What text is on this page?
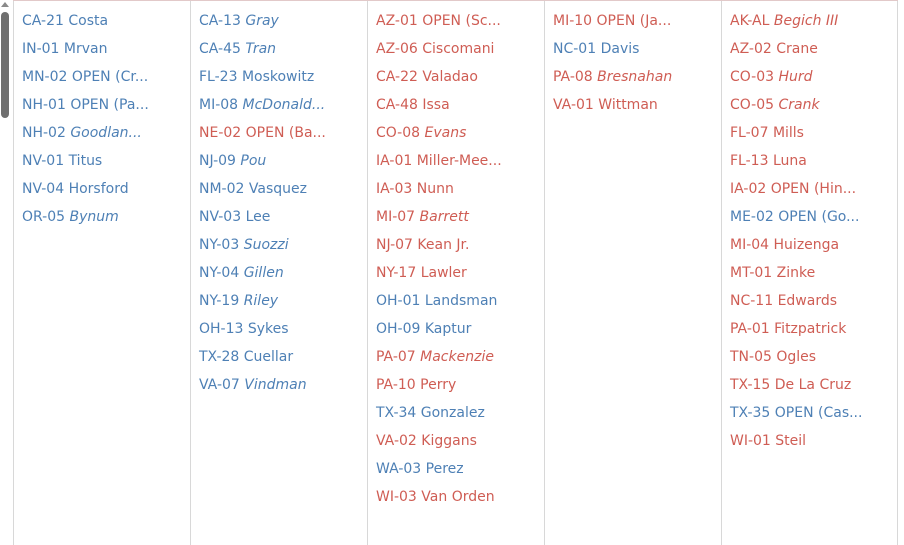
CA-21 Costa
IN-01 Mrvan
MN-02 OPEN (Cr...
NH-01 OPEN (Pa...
NH-02 Goodlan...
NV-01 Titus
NV-04 Horsford
OR-05 Bynum
CA-13 Gray
CA-45 Tran
FL-23 Moskowitz
MI-08 McDonald...
NE-02 OPEN (Ba...
NJ-09 Pou
NM-02 Vasquez
NV-03 Lee
NY-03 Suozzi
NY-04 Gillen
NY-19 Riley
OH-13 Sykes
TX-28 Cuellar
VA-07 Vindman
AZ-01 OPEN (Sc...
AZ-06 Ciscomani
CA-22 Valadao
CA-48 Issa
CO-08 Evans
IA-01 Miller-Mee...
IA-03 Nunn
MI-07 Barrett
NJ-07 Kean Jr.
NY-17 Lawler
OH-01 Landsman
OH-09 Kaptur
PA-07 Mackenzie
PA-10 Perry
TX-34 Gonzalez
VA-02 Kiggans
WA-03 Perez
WI-03 Van Orden
MI-10 OPEN (Ja...
NC-01 Davis
PA-08 Bresnahan
VA-01 Wittman
AK-AL Begich III
AZ-02 Crane
CO-03 Hurd
CO-05 Crank
FL-07 Mills
FL-13 Luna
IA-02 OPEN (Hin...
ME-02 OPEN (Go...
MI-04 Huizenga
MT-01 Zinke
NC-11 Edwards
PA-01 Fitzpatrick
TN-05 Ogles
TX-15 De La Cruz
TX-35 OPEN (Cas...
WI-01 Steil
